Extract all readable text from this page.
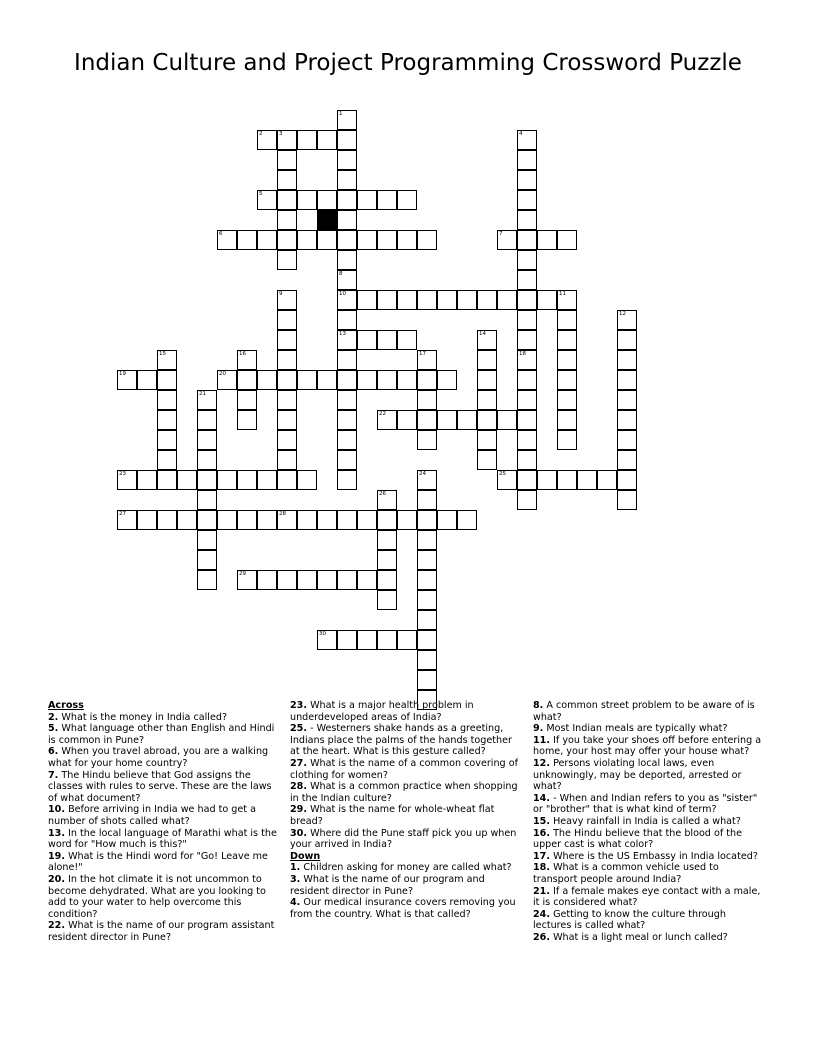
Indian Culture and Project Programming Crossword Puzzle
1
2	3	4
5
6	7
8
10
13
9	11
12
14
15	16	17	18
19	20
21
22
23	24	25
26
27	28
29
30
Across
2. What is the money in India called?
5. What language other than English and Hindi is common in Pune?
6. When you travel abroad, you are a walking what for your home country?
7. The Hindu believe that God assigns the classes with rules to serve. These are the laws of what document?
10. Before arriving in India we had to get a number of shots called what?
13. In the local language of Marathi what is the word for "How much is this?"
19. What is the Hindi word for "Go! Leave me alone!"
20. In the hot climate it is not uncommon to become dehydrated. What are you looking to add to your water to help overcome this condition?
22. What is the name of our program assistant resident director in Pune?
23. What is a major health problem in underdeveloped areas of India?
25. - Westerners shake hands as a greeting, Indians place the palms of the hands together at the heart. What is this gesture called?
27. What is the name of a common covering of clothing for women?
28. What is a common practice when shopping in the Indian culture?
29. What is the name for whole-wheat flat bread?
30. Where did the Pune staff pick you up when your arrived in India?
Down
1. Children asking for money are called what?
3. What is the name of our program and resident director in Pune?
4. Our medical insurance covers removing you from the country. What is that called?
8. A common street problem to be aware of is what?
9. Most Indian meals are typically what?
11. If you take your shoes off before entering a home, your host may offer your house what?
12. Persons violating local laws, even unknowingly, may be deported, arrested or what?
14. - When and Indian refers to you as "sister" or "brother" that is what kind of term?
15. Heavy rainfall in India is called a what?
16. The Hindu believe that the blood of the upper cast is what color?
17. Where is the US Embassy in India located?
18. What is a common vehicle used to transport people around India?
21. If a female makes eye contact with a male, it is considered what?
24. Getting to know the culture through lectures is called what?
26. What is a light meal or lunch called?
